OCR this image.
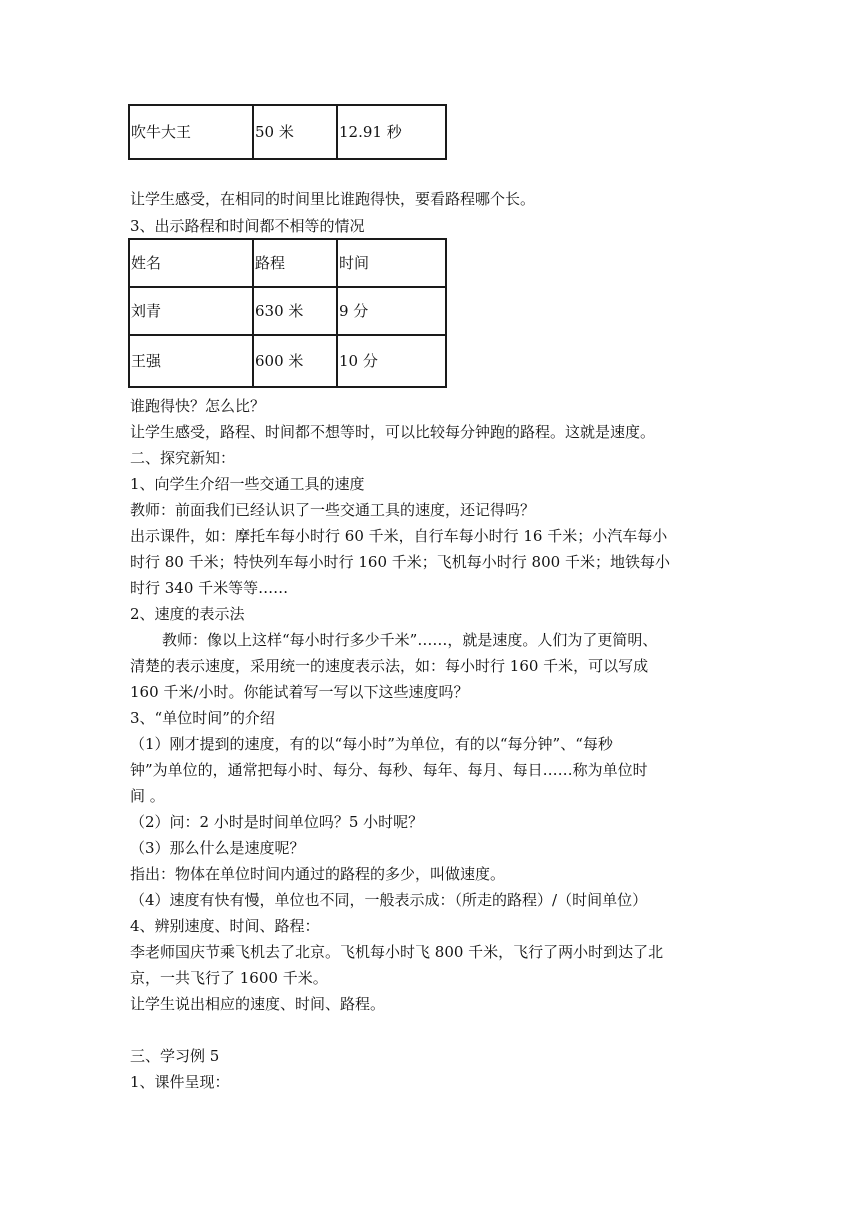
吹牛大王	50 米	12.91 秒
让学生感受，在相同的时间里比谁跑得快，要看路程哪个长。
3、出示路程和时间都不相等的情况
姓名	路程	时间
刘青	630 米	9 分
王强	600 米	10 分
谁跑得快？怎么比？
让学生感受，路程、时间都不想等时，可以比较每分钟跑的路程。这就是速度。
二、探究新知：
1、向学生介绍一些交通工具的速度
教师：前面我们已经认识了一些交通工具的速度，还记得吗？
出示课件，如：摩托车每小时行 60 千米，自行车每小时行 16 千米；小汽车每小
时行 80 千米；特快列车每小时行 160 千米；飞机每小时行 800 千米；地铁每小
时行 340 千米等等……
2、速度的表示法
教师：像以上这样“每小时行多少千米”……，就是速度。人们为了更简明、
清楚的表示速度，采用统一的速度表示法，如：每小时行 160 千米，可以写成
160 千米/小时。你能试着写一写以下这些速度吗？
3、“单位时间”的介绍
（1）刚才提到的速度，有的以“每小时”为单位，有的以“每分钟”、“每秒
钟”为单位的，通常把每小时、每分、每秒、每年、每月、每日……称为单位时
间 。
（2）问：2 小时是时间单位吗？5 小时呢？
（3）那么什么是速度呢？
指出：物体在单位时间内通过的路程的多少，叫做速度。
（4）速度有快有慢，单位也不同，一般表示成：（所走的路程）/（时间单位）
4、辨别速度、时间、路程：
李老师国庆节乘飞机去了北京。飞机每小时飞 800 千米，飞行了两小时到达了北
京，一共飞行了 1600 千米。
让学生说出相应的速度、时间、路程。
三、学习例 5
1、课件呈现：
